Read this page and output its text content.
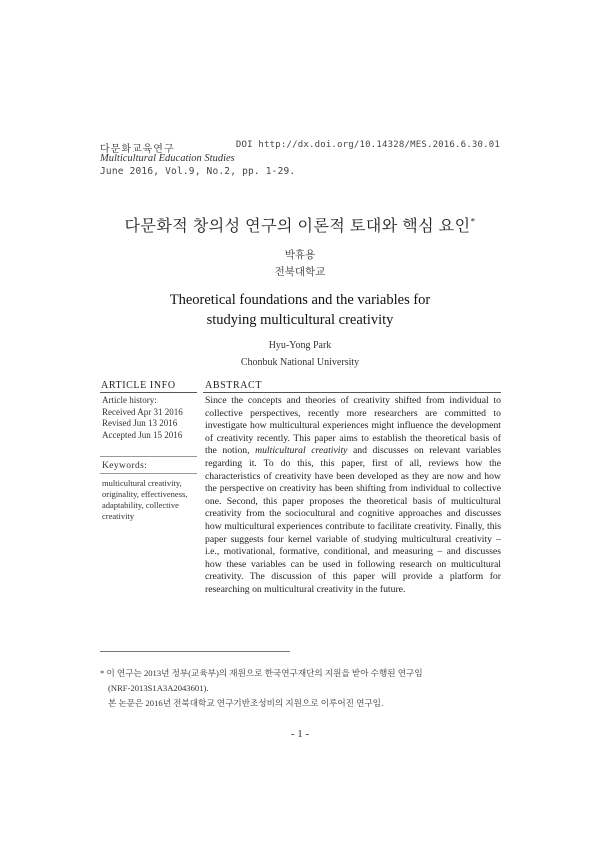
다문화교육연구
Multicultural Education Studies
June 2016, Vol.9, No.2, pp. 1-29.
DOI http://dx.doi.org/10.14328/MES.2016.6.30.01
다문화적 창의성 연구의 이론적 토대와 핵심 요인*
박휴용
전북대학교
Theoretical foundations and the variables for
studying multicultural creativity
Hyu-Yong Park
Chonbuk National University
ARTICLE INFO	ABSTRACT
Article history:
Received Apr 31 2016
Revised Jun 13 2016
Accepted Jun 15 2016
Keywords:
multicultural creativity, originality, effectiveness, adaptability, collective creativity
Since the concepts and theories of creativity shifted from individual to collective perspectives, recently more researchers are committed to investigate how multicultural experiences might influence the development of creativity recently. This paper aims to establish the theoretical basis of the notion, multicultural creativity and discusses on relevant variables regarding it. To do this, this paper, first of all, reviews how the characteristics of creativity have been developed as they are now and how the perspective on creativity has been shifting from individual to collective one. Second, this paper proposes the theoretical basis of multicultural creativity from the sociocultural and cognitive approaches and discusses how multicultural experiences contribute to facilitate creativity. Finally, this paper suggests four kernel variable of studying multicultural creativity – i.e., motivational, formative, conditional, and measuring – and discusses how these variables can be used in following research on multicultural creativity. The discussion of this paper will provide a platform for researching on multicultural creativity in the future.
* 이 연구는 2013년 정부(교육부)의 재원으로 한국연구재단의 지원을 받아 수행된 연구임
(NRF-2013S1A3A2043601).
본 논문은 2016년 전북대학교 연구기반조성비의 지원으로 이루어진 연구임.
- 1 -
